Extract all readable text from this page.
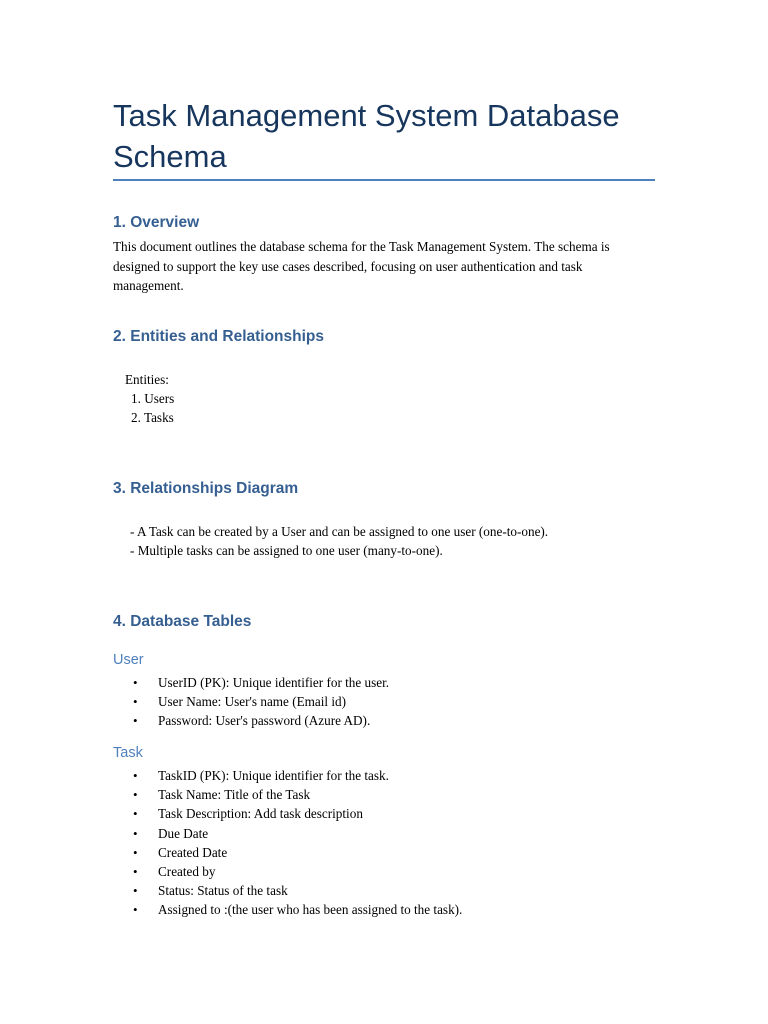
Task Management System Database Schema
1. Overview

This document outlines the database schema for the Task Management System. The schema is designed to support the key use cases described, focusing on user authentication and task management.

2. Entities and Relationships
Entities:
1. Users
2. Tasks
3. Relationships Diagram
- A Task can be created by a User and can be assigned to one user (one-to-one).
- Multiple tasks can be assigned to one user (many-to-one).
4. Database Tables
User
• UserID (PK): Unique identifier for the user.
• User Name: User's name (Email id)
• Password: User's password (Azure AD).
Task
• TaskID (PK): Unique identifier for the task.
• Task Name: Title of the Task
• Task Description: Add task description
• Due Date
• Created Date
• Created by
• Status: Status of the task
• Assigned to :(the user who has been assigned to the task).
